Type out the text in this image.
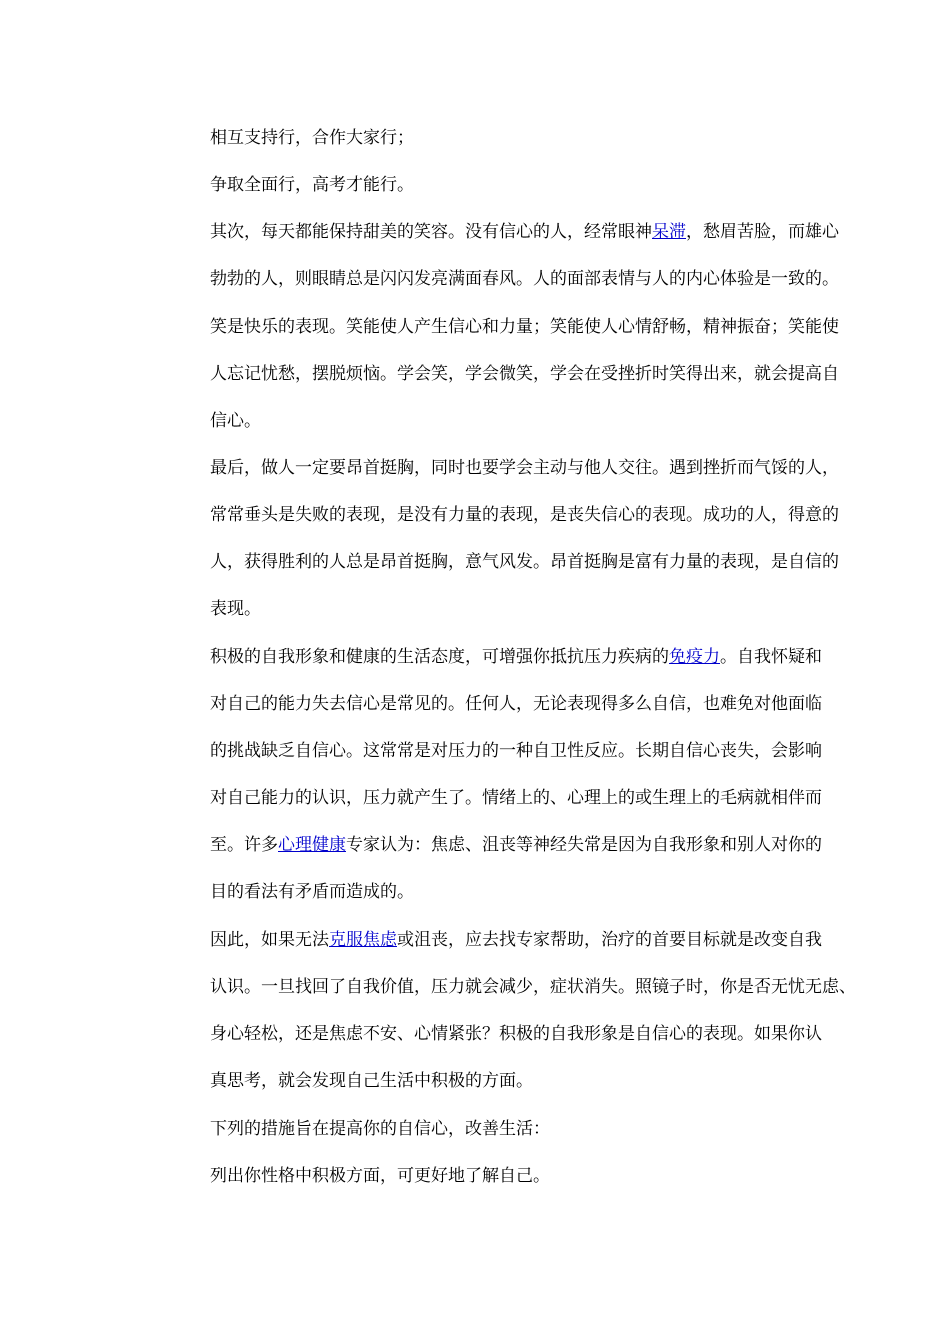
相互支持行，合作大家行；
争取全面行，高考才能行。
其次，每天都能保持甜美的笑容。没有信心的人，经常眼神呆滞，愁眉苦脸，而雄心
勃勃的人，则眼睛总是闪闪发亮满面春风。人的面部表情与人的内心体验是一致的。
笑是快乐的表现。笑能使人产生信心和力量；笑能使人心情舒畅，精神振奋；笑能使
人忘记忧愁，摆脱烦恼。学会笑，学会微笑，学会在受挫折时笑得出来，就会提高自
信心。
最后，做人一定要昂首挺胸，同时也要学会主动与他人交往。遇到挫折而气馁的人，
常常垂头是失败的表现，是没有力量的表现，是丧失信心的表现。成功的人，得意的
人，获得胜利的人总是昂首挺胸，意气风发。昂首挺胸是富有力量的表现，是自信的
表现。
积极的自我形象和健康的生活态度，可增强你抵抗压力疾病的免疫力。自我怀疑和
对自己的能力失去信心是常见的。任何人，无论表现得多么自信，也难免对他面临
的挑战缺乏自信心。这常常是对压力的一种自卫性反应。长期自信心丧失，会影响
对自己能力的认识，压力就产生了。情绪上的、心理上的或生理上的毛病就相伴而
至。许多心理健康专家认为：焦虑、沮丧等神经失常是因为自我形象和别人对你的
目的看法有矛盾而造成的。
因此，如果无法克服焦虑或沮丧，应去找专家帮助，治疗的首要目标就是改变自我
认识。一旦找回了自我价值，压力就会减少，症状消失。照镜子时，你是否无忧无虑、
身心轻松，还是焦虑不安、心情紧张？积极的自我形象是自信心的表现。如果你认
真思考，就会发现自己生活中积极的方面。
下列的措施旨在提高你的自信心，改善生活：
列出你性格中积极方面，可更好地了解自己。
